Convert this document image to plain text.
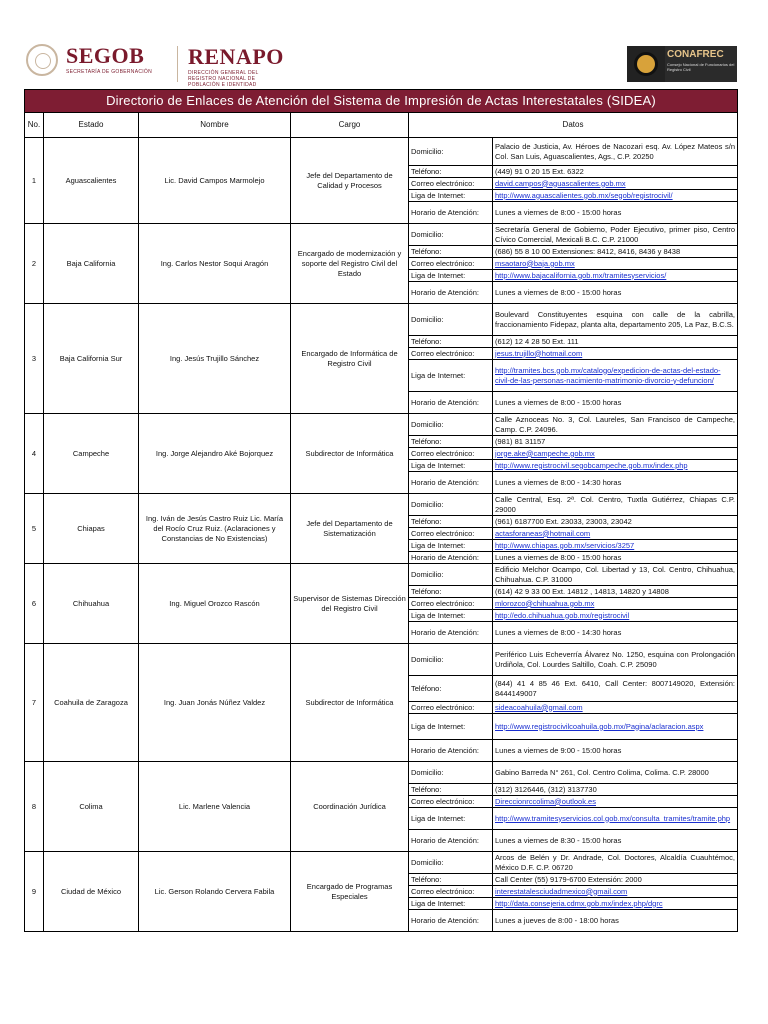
SEGOB
SECRETARÍA DE GOBERNACIÓN
RENAPO
DIRECCIÓN GENERAL DEL REGISTRO NACIONAL DE POBLACIÓN E IDENTIDAD
CONAFREC
Consejo Nacional de Funcionarios del Registro Civil
Directorio de Enlaces de Atención del Sistema de Impresión de Actas Interestatales (SIDEA)					
No.	Estado	Nombre	Cargo	Datos	
1	Aguascalientes	Lic. David Campos Marmolejo	Jefe del Departamento de Calidad y Procesos	Domicilio:	Palacio de Justicia, Av. Héroes de Nacozari esq. Av. López Mateos s/n Col. San Luis, Aguascalientes, Ags., C.P. 20250
				Teléfono:	(449) 91 0 20 15 Ext. 6322
				Correo electrónico:	david.campos@aguascalientes.gob.mx
				Liga de Internet:	http://www.aguascalientes.gob.mx/segob/registrocivil/
				Horario de Atención:	Lunes a viernes de 8:00 - 15:00 horas
2	Baja California	Ing. Carlos Nestor Soqui Aragón	Encargado de modernización y soporte del Registro Civil del Estado	Domicilio:	Secretaría General de Gobierno, Poder Ejecutivo, primer piso, Centro Cívico Comercial, Mexicali B.C. C.P. 21000
				Teléfono:	(686) 55 8 10 00 Extensiones: 8412, 8416, 8436 y 8438
				Correo electrónico:	msaotaro@baja.gob.mx
				Liga de Internet:	http://www.bajacalifornia.gob.mx/tramitesyservicios/
				Horario de Atención:	Lunes a viernes de 8:00 - 15:00 horas
3	Baja California Sur	Ing. Jesús Trujillo Sánchez	Encargado de Informática de Registro Civil	Domicilio:	Boulevard Constituyentes esquina con calle de la cabrilla, fraccionamiento Fidepaz, planta alta, departamento 205, La Paz, B.C.S.
				Teléfono:	(612) 12 4 28 50 Ext. 111
				Correo electrónico:	jesus.trujillo@hotmail.com
				Liga de Internet:	http://tramites.bcs.gob.mx/catalogo/expedicion-de-actas-del-estado-civil-de-las-personas-nacimiento-matrimonio-divorcio-y-defuncion/
				Horario de Atención:	Lunes a viernes de 8:00 - 15:00 horas
4	Campeche	Ing. Jorge Alejandro Aké Bojorquez	Subdirector de Informática	Domicilio:	Calle Aznoceas No. 3, Col. Laureles, San Francisco de Campeche, Camp. C.P. 24096.
				Teléfono:	(981) 81 31157
				Correo electrónico:	jorge.ake@campeche.gob.mx
				Liga de Internet:	http://www.registrocivil.segobcampeche.gob.mx/index.php
				Horario de Atención:	Lunes a viernes de 8:00 - 14:30 horas
5	Chiapas	Ing. Iván de Jesús Castro Ruiz Lic. María del Rocío Cruz Ruiz. (Aclaraciones y Constancias de No Existencias)	Jefe del Departamento de Sistematización	Domicilio:	Calle Central, Esq. 2ª. Col. Centro, Tuxtla Gutiérrez, Chiapas C.P. 29000
				Teléfono:	(961) 6187700 Ext. 23033, 23003, 23042
				Correo electrónico:	actasforaneas@hotmail.com
				Liga de Internet:	http://www.chiapas.gob.mx/servicios/3257
				Horario de Atención:	Lunes a viernes de 8:00 - 15:00 horas
6	Chihuahua	Ing. Miguel Orozco Rascón	Supervisor de Sistemas Dirección del Registro Civil	Domicilio:	Edificio Melchor Ocampo, Col. Libertad y 13, Col. Centro, Chihuahua, Chihuahua. C.P. 31000
				Teléfono:	(614) 42 9 33 00 Ext. 14812 , 14813, 14820 y 14808
				Correo electrónico:	mlorozco@chihuahua.gob.mx
				Liga de Internet:	http://edo.chihuahua.gob.mx/registrocivil
				Horario de Atención:	Lunes a viernes de 8:00 - 14:30 horas
7	Coahuila de Zaragoza	Ing. Juan Jonás Núñez Valdez	Subdirector de Informática	Domicilio:	Periférico Luis Echeverría Álvarez No. 1250, esquina con Prolongación Urdiñola, Col. Lourdes Saltillo, Coah. C.P. 25090
				Teléfono:	(844) 41 4 85 46 Ext. 6410, Call Center: 8007149020, Extensión: 8444149007
				Correo electrónico:	sideacoahuila@gmail.com
				Liga de Internet:	http://www.registrocivilcoahuila.gob.mx/Pagina/aclaracion.aspx
				Horario de Atención:	Lunes a viernes de 9:00 - 15:00 horas
8	Colima	Lic. Marlene Valencia	Coordinación Jurídica	Domicilio:	Gabino Barreda N° 261, Col. Centro Colima, Colima. C.P. 28000
				Teléfono:	(312) 3126446, (312) 3137730
				Correo electrónico:	Direccionrccolima@outlook.es
				Liga de Internet:	http://www.tramitesyservicios.col.gob.mx/consulta_tramites/tramite.php
				Horario de Atención:	Lunes a viernes de 8:30 - 15:00 horas
9	Ciudad de México	Lic. Gerson Rolando Cervera Fabila	Encargado de Programas Especiales	Domicilio:	Arcos de Belén y Dr. Andrade, Col. Doctores, Alcaldía Cuauhtémoc, México D.F. C.P. 06720
				Teléfono:	Call Center (55) 9179-6700 Extensión: 2000
				Correo electrónico:	interestatalesciudadmexico@gmail.com
				Liga de Internet:	http://data.consejeria.cdmx.gob.mx/index.php/dgrc
				Horario de Atención:	Lunes a jueves de 8:00 - 18:00 horas
